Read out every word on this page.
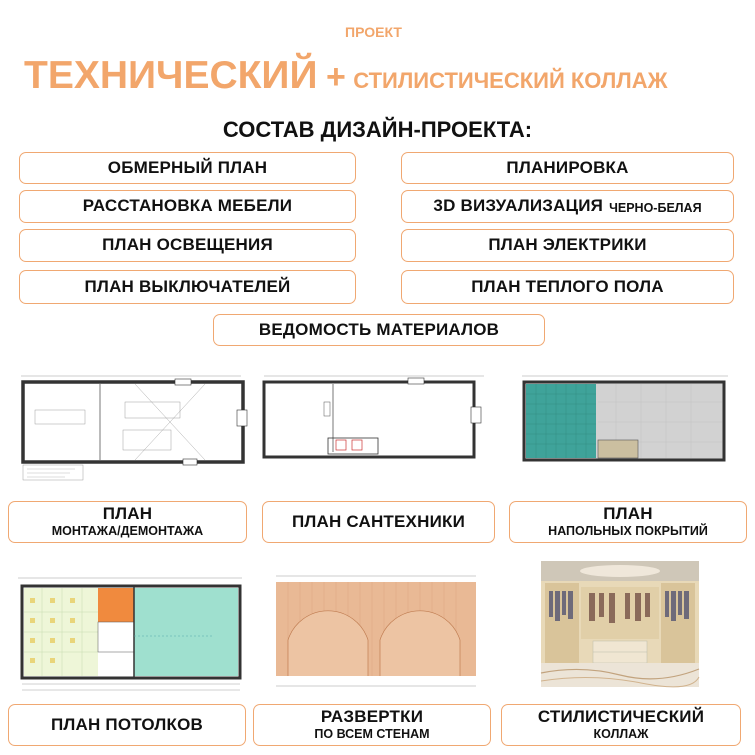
ПРОЕКТ
ТЕХНИЧЕСКИЙ + СТИЛИСТИЧЕСКИЙ КОЛЛАЖ
СОСТАВ ДИЗАЙН-ПРОЕКТА:
ОБМЕРНЫЙ ПЛАН	ПЛАНИРОВКА
РАССТАНОВКА МЕБЕЛИ	3D ВИЗУАЛИЗАЦИЯ ЧЕРНО-БЕЛАЯ
ПЛАН ОСВЕЩЕНИЯ	ПЛАН ЭЛЕКТРИКИ
ПЛАН ВЫКЛЮЧАТЕЛЕЙ	ПЛАН ТЕПЛОГО ПОЛА
ВЕДОМОСТЬ МАТЕРИАЛОВ
ПЛАН
МОНТАЖА/ДЕМОНТАЖА
ПЛАН САНТЕХНИКИ	ПЛАН
НАПОЛЬНЫХ ПОКРЫТИЙ
ПЛАН ПОТОЛКОВ	РАЗВЕРТКИ
ПО ВСЕМ СТЕНАМ
СТИЛИСТИЧЕСКИЙ
КОЛЛАЖ
